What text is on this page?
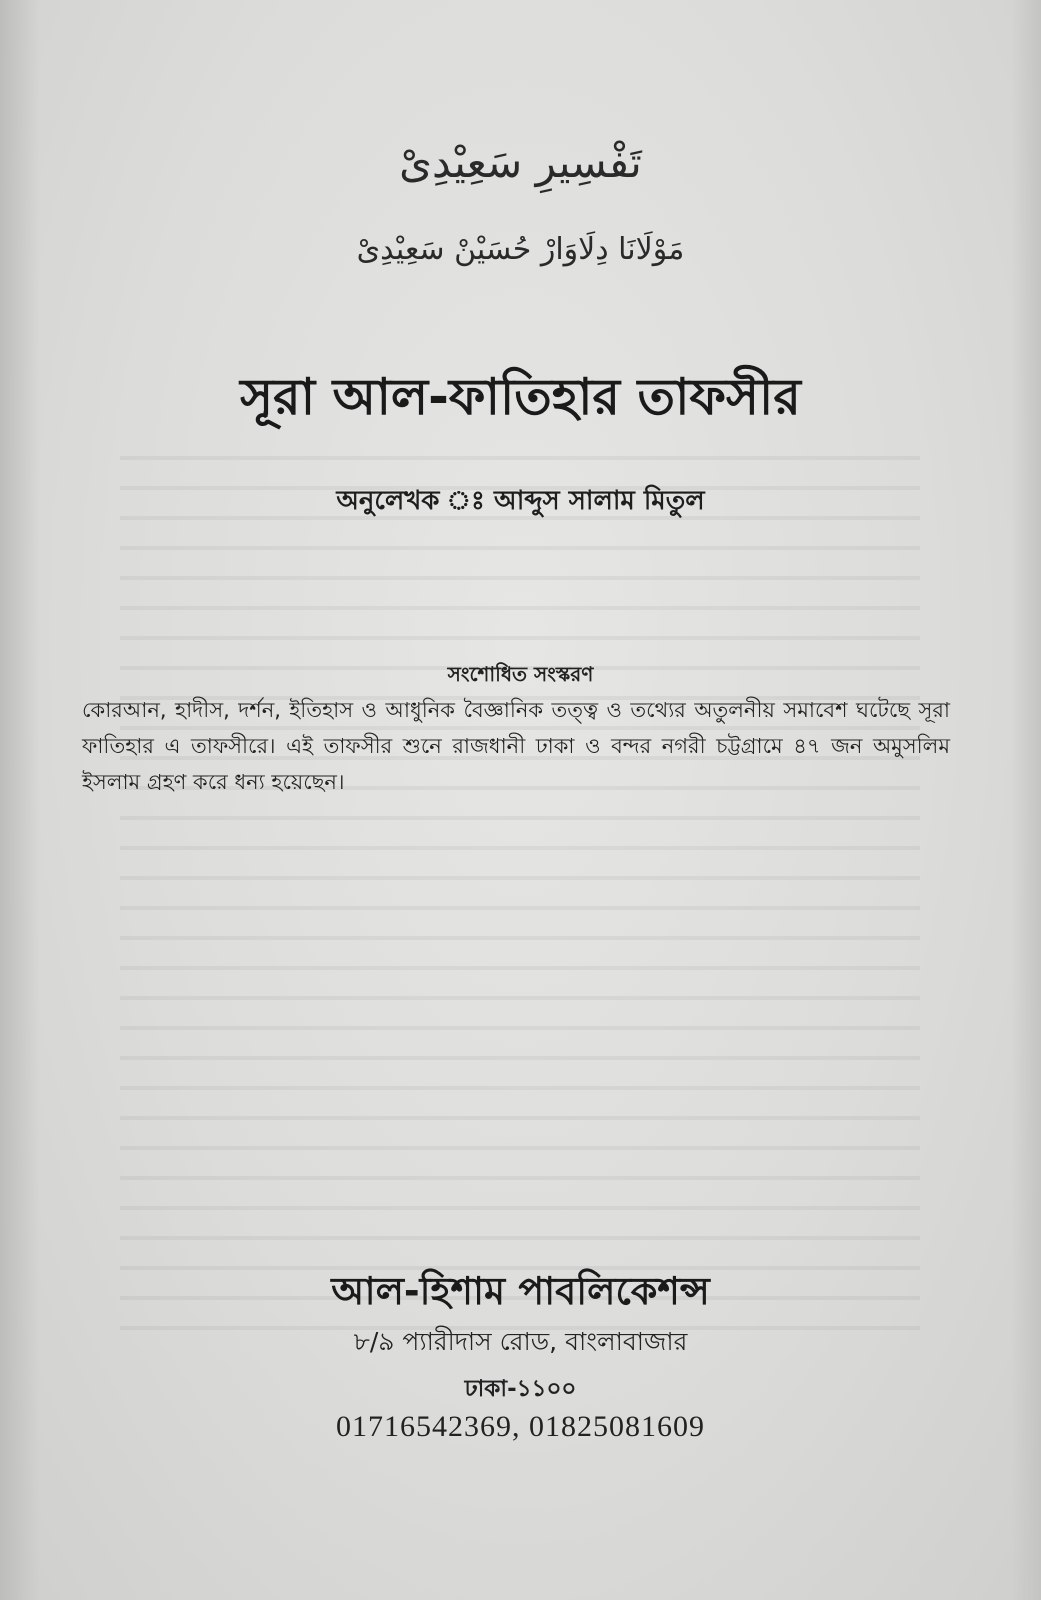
تَفْسِيرِ سَعِيْدِیْ
مَوْلَانَا دِلَاوَارْ حُسَيْنْ سَعِيْدِیْ
সূরা আল-ফাতিহার তাফসীর
অনুলেখক ঃ আব্দুস সালাম মিতুল
সংশোধিত সংস্করণ
কোরআন, হাদীস, দর্শন, ইতিহাস ও আধুনিক বৈজ্ঞানিক তত্ত্ব ও তথ্যের অতুলনীয় সমাবেশ ঘটেছে সূরা ফাতিহার এ তাফসীরে। এই তাফসীর শুনে রাজধানী ঢাকা ও বন্দর নগরী চট্টগ্রামে ৪৭ জন অমুসলিম ইসলাম গ্রহণ করে ধন্য হয়েছেন।
আল-হিশাম পাবলিকেশন্স
৮/৯ প্যারীদাস রোড, বাংলাবাজার
ঢাকা-১১০০
01716542369, 01825081609
